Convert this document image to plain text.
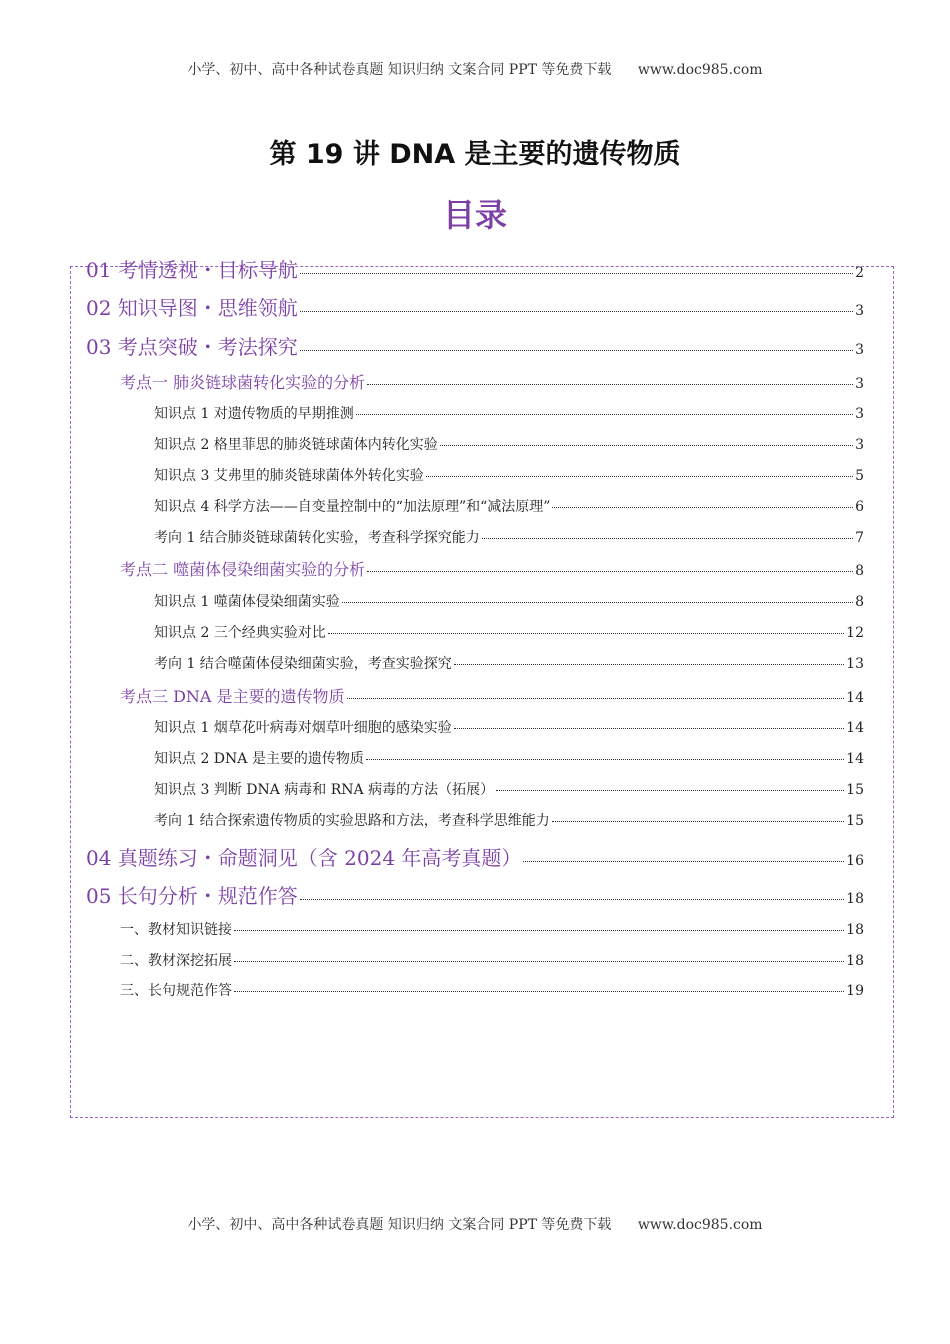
小学、初中、高中各种试卷真题 知识归纳 文案合同 PPT 等免费下载 www.doc985.com
第 19 讲 DNA 是主要的遗传物质
目录
01 考情透视・目标导航	2
02 知识导图・思维领航	3
03 考点突破・考法探究	3
考点一 肺炎链球菌转化实验的分析	3
知识点 1 对遗传物质的早期推测	3
知识点 2 格里菲思的肺炎链球菌体内转化实验	3
知识点 3 艾弗里的肺炎链球菌体外转化实验	5
知识点 4 科学方法——自变量控制中的“加法原理”和“减法原理”	6
考向 1 结合肺炎链球菌转化实验，考查科学探究能力	7
考点二 噬菌体侵染细菌实验的分析	8
知识点 1 噬菌体侵染细菌实验	8
知识点 2 三个经典实验对比	12
考向 1 结合噬菌体侵染细菌实验，考查实验探究	13
考点三 DNA 是主要的遗传物质	14
知识点 1 烟草花叶病毒对烟草叶细胞的感染实验	14
知识点 2 DNA 是主要的遗传物质	14
知识点 3 判断 DNA 病毒和 RNA 病毒的方法（拓展）	15
考向 1 结合探索遗传物质的实验思路和方法，考查科学思维能力	15
04 真题练习・命题洞见（含 2024 年高考真题）	16
05 长句分析・规范作答	18
一、教材知识链接	18
二、教材深挖拓展	18
三、长句规范作答	19
小学、初中、高中各种试卷真题 知识归纳 文案合同 PPT 等免费下载 www.doc985.com
